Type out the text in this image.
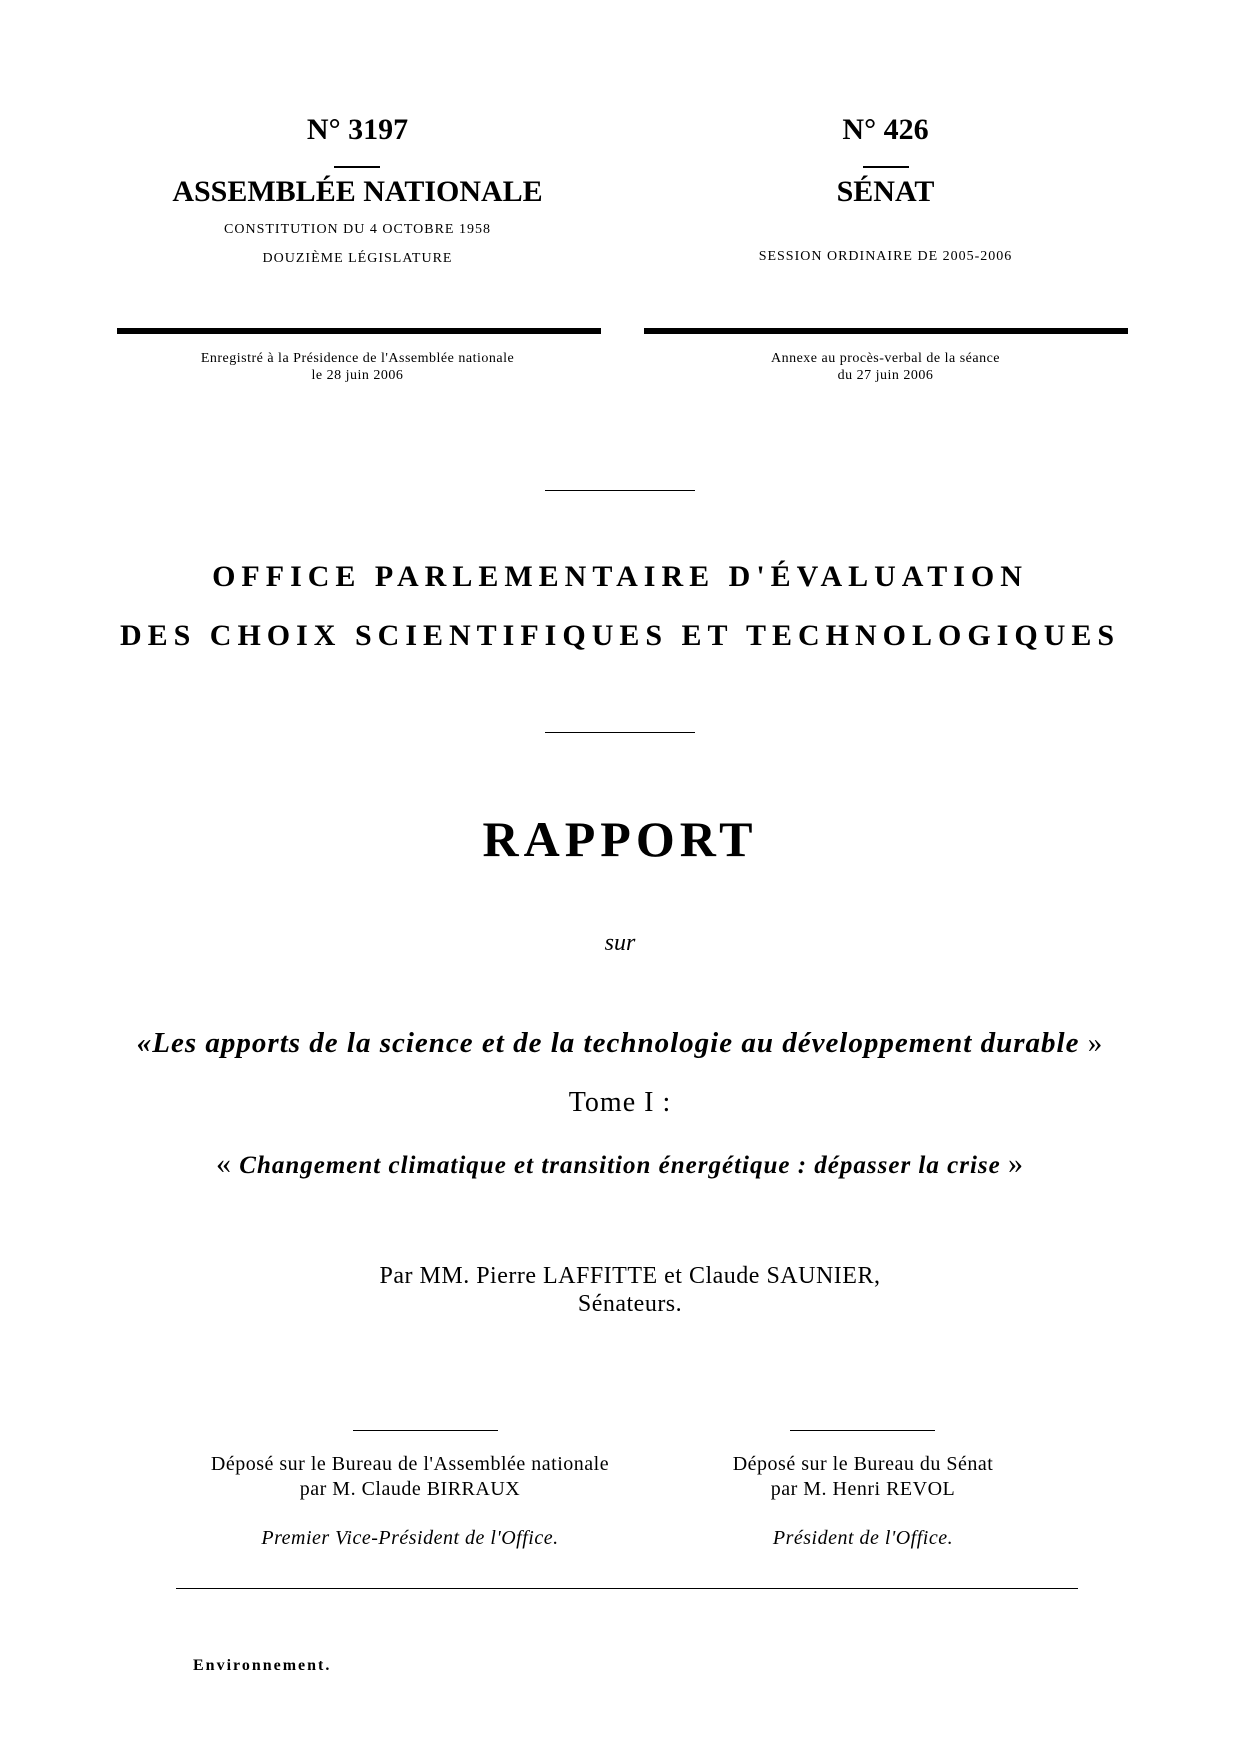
N° 3197
ASSEMBLÉE NATIONALE
CONSTITUTION DU 4 OCTOBRE 1958
DOUZIÈME LÉGISLATURE
N° 426
SÉNAT
SESSION ORDINAIRE DE 2005-2006
Enregistré à la Présidence de l'Assemblée nationale
le 28 juin 2006
Annexe au procès-verbal de la séance
du 27 juin 2006
OFFICE PARLEMENTAIRE D'ÉVALUATION
DES CHOIX SCIENTIFIQUES ET TECHNOLOGIQUES
RAPPORT
sur
«Les apports de la science et de la technologie au développement durable »
Tome I :
« Changement climatique et transition énergétique : dépasser la crise »
Par MM. Pierre LAFFITTE et Claude SAUNIER,
Sénateurs.
Déposé sur le Bureau de l'Assemblée nationale
par M. Claude BIRRAUX
Déposé sur le Bureau du Sénat
par M. Henri REVOL
Premier Vice-Président de l'Office.	Président de l'Office.
Environnement.
